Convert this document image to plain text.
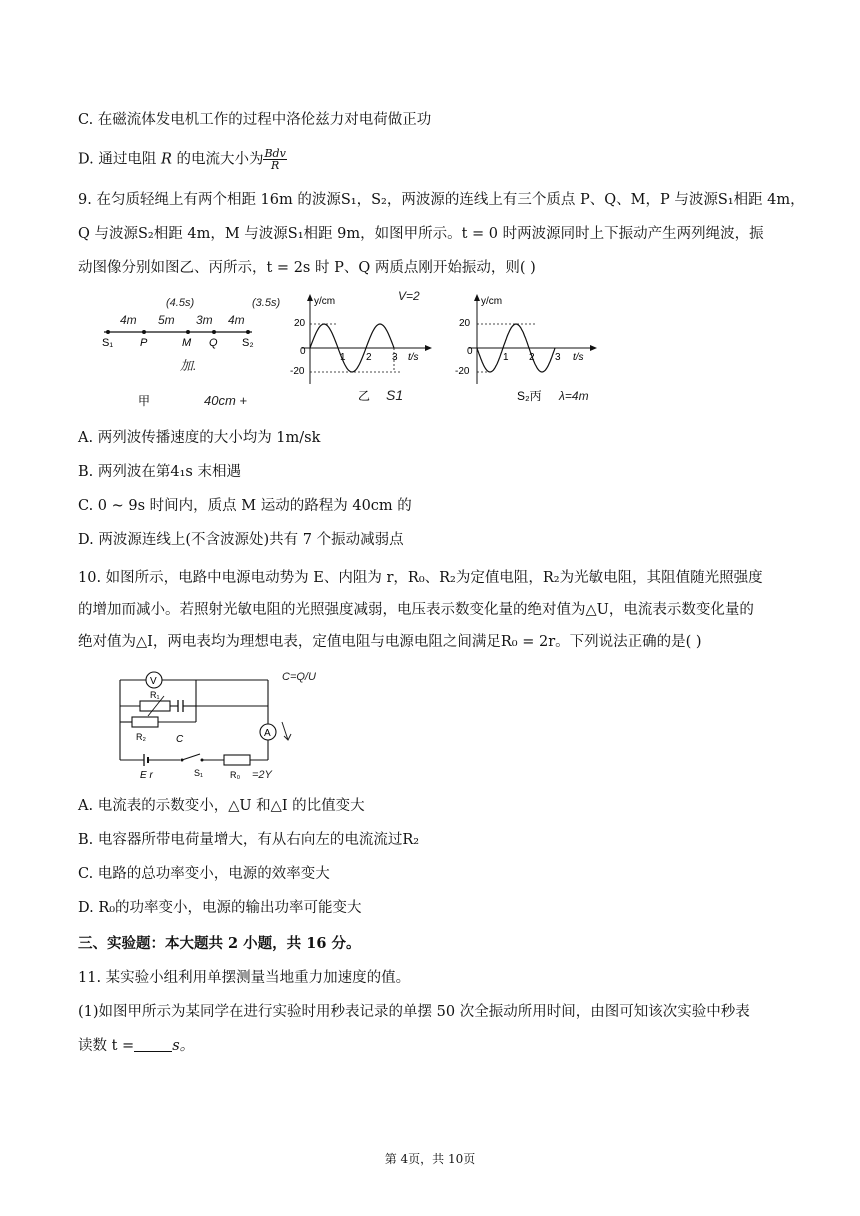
C. 在磁流体发电机工作的过程中洛伦兹力对电荷做正功
D. 通过电阻 R 的电流大小为 $\frac{\text{Bdv}}{R}$
9. 在匀质轻绳上有两个相距 16m 的波源S₁，S₂，两波源的连线上有三个质点 P、Q、M，P 与波源S₁相距 4m，
Q 与波源S₂相距 4m，M 与波源S₁相距 9m，如图甲所示。t = 0 时两波源同时上下振动产生两列绳波，振
动图像分别如图乙、丙所示，t = 2s 时 P、Q 两质点刚开始振动，则( )
4m 5m 3m 4m
(4.5s)	(3.5s)
S₁ P	M Q S₂
加.
甲	40cm +
y/cm
t/s
20
-20
0
1 2 3
乙 S1
V=2	y/cm
t/s
20
-20
0
1 2 3
S₂丙 λ=4m
A. 两列波传播速度的大小均为 1m/sk
B. 两列波在第4₁s 末相遇
C. 0 ~ 9s 时间内，质点 M 运动的路程为 40cm 的
D. 两波源连线上(不含波源处)共有 7 个振动减弱点
10. 如图所示，电路中电源电动势为 E、内阻为 r，R₀、R₂为定值电阻，R₂为光敏电阻，其阻值随光照强度
的增加而减小。若照射光敏电阻的光照强度减弱，电压表示数变化量的绝对值为△U，电流表示数变化量的
绝对值为△I，两电表均为理想电表，定值电阻与电源电阻之间满足R₀ = 2r。下列说法正确的是( )
V
R₁
R₂	C
A
E r	S₁	R₀ =2Y
C=Q/U
A. 电流表的示数变小，△U 和△I 的比值变大
B. 电容器所带电荷量增大，有从右向左的电流流过R₂
C. 电路的总功率变小，电源的效率变大
D. R₀的功率变小，电源的输出功率可能变大
三、实验题：本大题共 2 小题，共 16 分。
11. 某实验小组利用单摆测量当地重力加速度的值。
(1)如图甲所示为某同学在进行实验时用秒表记录的单摆 50 次全振动所用时间，由图可知该次实验中秒表
读数 t =	s。
第 4页，共 10页
